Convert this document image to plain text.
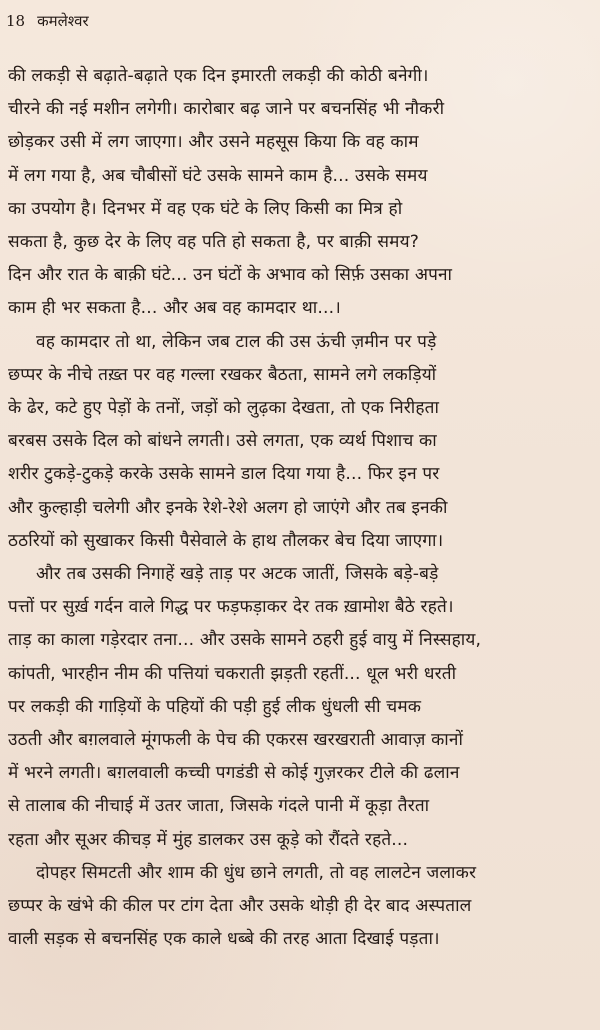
18 कमलेश्वर
की लकड़ी से बढ़ाते-बढ़ाते एक दिन इमारती लकड़ी की कोठी बनेगी।
चीरने की नई मशीन लगेगी। कारोबार बढ़ जाने पर बचनसिंह भी नौकरी
छोड़कर उसी में लग जाएगा। और उसने महसूस किया कि वह काम
में लग गया है, अब चौबीसों घंटे उसके सामने काम है... उसके समय
का उपयोग है। दिनभर में वह एक घंटे के लिए किसी का मित्र हो
सकता है, कुछ देर के लिए वह पति हो सकता है, पर बाक़ी समय?
दिन और रात के बाक़ी घंटे... उन घंटों के अभाव को सिर्फ़ उसका अपना
काम ही भर सकता है... और अब वह कामदार था...।
वह कामदार तो था, लेकिन जब टाल की उस ऊंची ज़मीन पर पड़े
छप्पर के नीचे तख़्त पर वह गल्ला रखकर बैठता, सामने लगे लकड़ियों
के ढेर, कटे हुए पेड़ों के तनों, जड़ों को लुढ़का देखता, तो एक निरीहता
बरबस उसके दिल को बांधने लगती। उसे लगता, एक व्यर्थ पिशाच का
शरीर टुकड़े-टुकड़े करके उसके सामने डाल दिया गया है... फिर इन पर
और कुल्हाड़ी चलेगी और इनके रेशे-रेशे अलग हो जाएंगे और तब इनकी
ठठरियों को सुखाकर किसी पैसेवाले के हाथ तौलकर बेच दिया जाएगा।
और तब उसकी निगाहें खड़े ताड़ पर अटक जातीं, जिसके बड़े-बड़े
पत्तों पर सुर्ख़ गर्दन वाले गिद्ध पर फड़फड़ाकर देर तक ख़ामोश बैठे रहते।
ताड़ का काला गड़ेरदार तना... और उसके सामने ठहरी हुई वायु में निस्सहाय,
कांपती, भारहीन नीम की पत्तियां चकराती झड़ती रहतीं... धूल भरी धरती
पर लकड़ी की गाड़ियों के पहियों की पड़ी हुई लीक धुंधली सी चमक
उठती और बग़लवाले मूंगफली के पेच की एकरस खरखराती आवाज़ कानों
में भरने लगती। बग़लवाली कच्ची पगडंडी से कोई गुज़रकर टीले की ढलान
से तालाब की नीचाई में उतर जाता, जिसके गंदले पानी में कूड़ा तैरता
रहता और सूअर कीचड़ में मुंह डालकर उस कूड़े को रौंदते रहते...
दोपहर सिमटती और शाम की धुंध छाने लगती, तो वह लालटेन जलाकर
छप्पर के खंभे की कील पर टांग देता और उसके थोड़ी ही देर बाद अस्पताल
वाली सड़क से बचनसिंह एक काले धब्बे की तरह आता दिखाई पड़ता।
